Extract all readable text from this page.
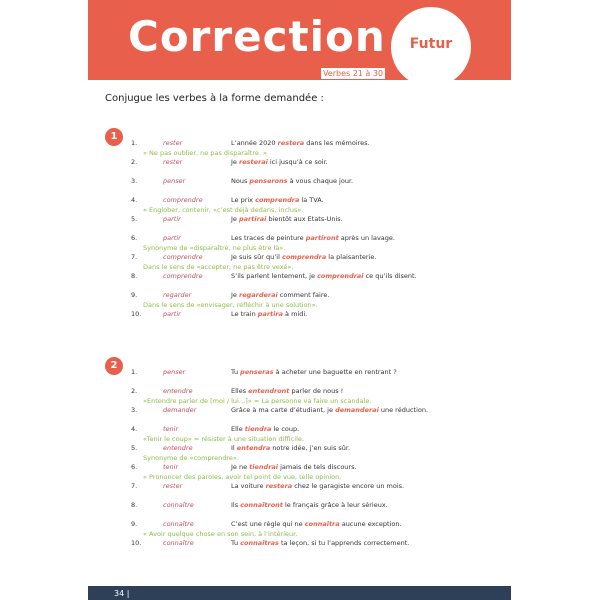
Correction	Futur
Verbes 21 à 30
Conjugue les verbes à la forme demandée :
1
1.	rester	L’année 2020 restera dans les mémoires.
« Ne pas oublier, ne pas disparaître. »
2.	rester	Je resterai ici jusqu’à ce soir.
3.	penser	Nous penserons à vous chaque jour.
4.	comprendre	Le prix comprendra la TVA.
« Englober, contenir, «c’est déjà dedans, inclus».
5.	partir	Je partirai bientôt aux Etats-Unis.
6.	partir	Les traces de peinture partiront après un lavage.
Synonyme de «disparaître, ne plus être là».
7.	comprendre	Je suis sûr qu’il comprendra la plaisanterie.
Dans le sens de «accepter, ne pas être vexé».
8.	comprendre	S’ils parlent lentement, je comprendrai ce qu’ils disent.
9.	regarder	Je regarderai comment faire.
Dans le sens de «envisager, réfléchir à une solution».
10.	partir	Le train partira à midi.
2
1.	penser	Tu penseras à acheter une baguette en rentrant ?
2.	entendre	Elles entendront parler de nous !
«Entendre parler de [moi / lui…]» = La personne va faire un scandale.
3.	demander	Grâce à ma carte d’étudiant, je demanderai une réduction.
4.	tenir	Elle tiendra le coup.
«Tenir le coup» = résister à une situation difficile.
5.	entendre	Il entendra notre idée, j’en suis sûr.
Synonyme de «comprendre».
6.	tenir	Je ne tiendrai jamais de tels discours.
« Prononcer des paroles, avoir tel point de vue, telle opinion.
7.	rester	La voiture restera chez le garagiste encore un mois.
8.	connaître	Ils connaîtront le français grâce à leur sérieux.
9.	connaître	C’est une règle qui ne connaîtra aucune exception.
« Avoir quelque chose en son sein, à l’intérieur.
10.	connaître	Tu connaîtras ta leçon, si tu l’apprends correctement.
34 |
